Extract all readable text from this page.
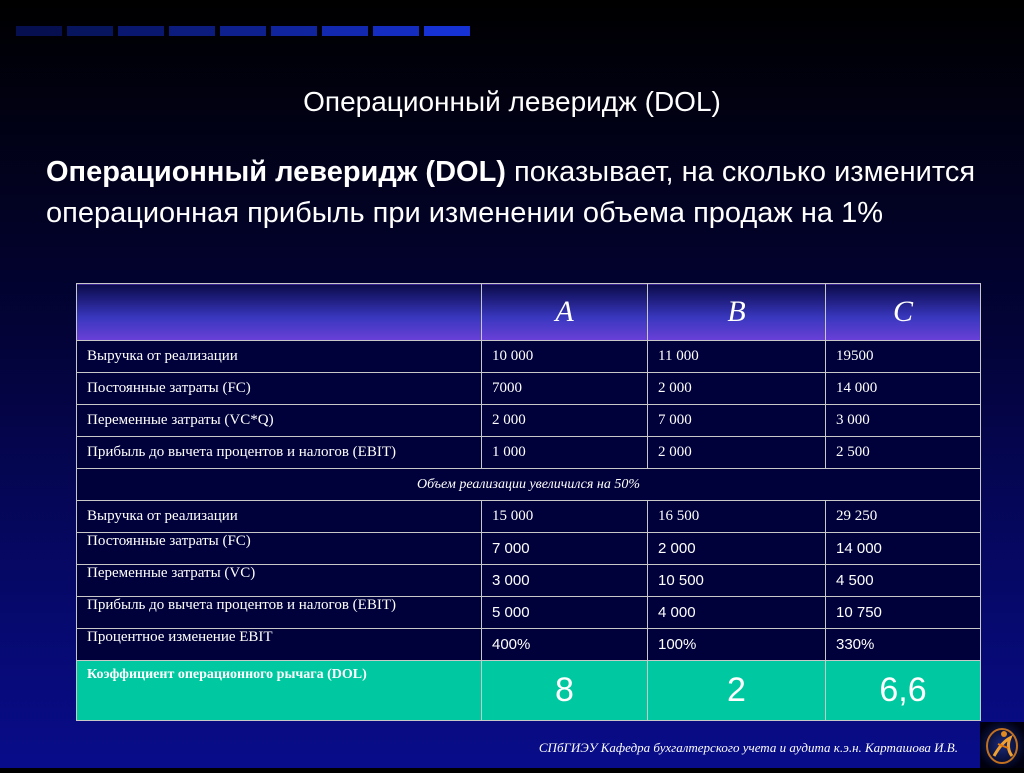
Операционный леверидж (DOL)
Операционный леверидж (DOL) показывает, на сколько изменится операционная прибыль при изменении объема продаж на 1%
	A	B	C
Выручка от реализации	10 000	11 000	19500
Постоянные затраты (FC)	7000	2 000	14 000
Переменные затраты (VC*Q)	2 000	7 000	3 000
Прибыль до вычета процентов и налогов (EBIT)	1 000	2 000	2 500
Объем реализации увеличился на 50%			
Выручка от реализации	15 000	16 500	29 250
Постоянные затраты (FC)	7 000	2 000	14 000
Переменные затраты (VC)	3 000	10 500	4 500
Прибыль до вычета процентов и налогов (EBIT)	5 000	4 000	10 750
Процентное изменение EBIT	400%	100%	330%
Коэффициент операционного рычага (DOL)	8	2	6,6
СПбГИЭУ Кафедра бухгалтерского учета и аудита к.э.н. Карташова И.В.
